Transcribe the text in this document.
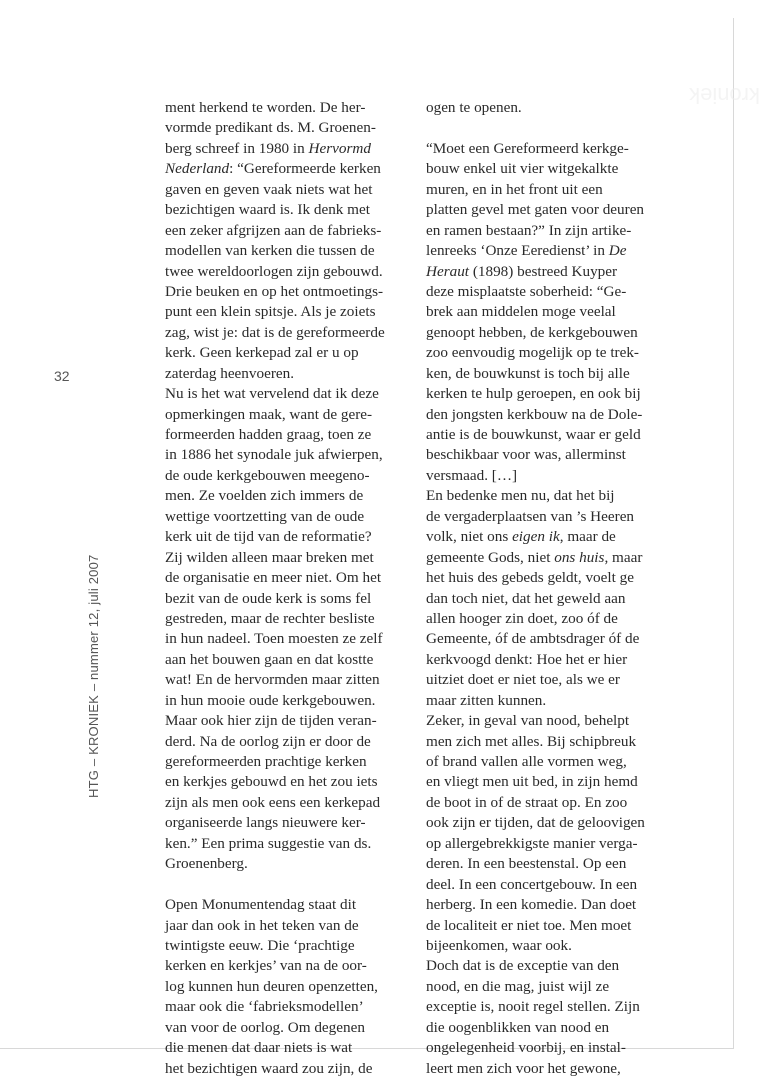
kroniek
32
HTG – KRONIEK – nummer 12, juli 2007
ment herkend te worden. De her-
vormde predikant ds. M. Groenen-
berg schreef in 1980 in Hervormd
Nederland: “Gereformeerde kerken
gaven en geven vaak niets wat het
bezichtigen waard is. Ik denk met
een zeker afgrijzen aan de fabrieks-
modellen van kerken die tussen de
twee wereldoorlogen zijn gebouwd.
Drie beuken en op het ontmoetings-
punt een klein spitsje. Als je zoiets
zag, wist je: dat is de gereformeerde
kerk. Geen kerkepad zal er u op
zaterdag heenvoeren.
Nu is het wat vervelend dat ik deze
opmerkingen maak, want de gere-
formeerden hadden graag, toen ze
in 1886 het synodale juk afwierpen,
de oude kerkgebouwen meegeno-
men. Ze voelden zich immers de
wettige voortzetting van de oude
kerk uit de tijd van de reformatie?
Zij wilden alleen maar breken met
de organisatie en meer niet. Om het
bezit van de oude kerk is soms fel
gestreden, maar de rechter besliste
in hun nadeel. Toen moesten ze zelf
aan het bouwen gaan en dat kostte
wat! En de hervormden maar zitten
in hun mooie oude kerkgebouwen.
Maar ook hier zijn de tijden veran-
derd. Na de oorlog zijn er door de
gereformeerden prachtige kerken
en kerkjes gebouwd en het zou iets
zijn als men ook eens een kerkepad
organiseerde langs nieuwere ker-
ken.” Een prima suggestie van ds.
Groenenberg.
Open Monumentendag staat dit
jaar dan ook in het teken van de
twintigste eeuw. Die ‘prachtige
kerken en kerkjes’ van na de oor-
log kunnen hun deuren openzetten,
maar ook die ‘fabrieksmodellen’
van voor de oorlog. Om degenen
die menen dat daar niets is wat
het bezichtigen waard zou zijn, de
ogen te openen.
“Moet een Gereformeerd kerkge-
bouw enkel uit vier witgekalkte
muren, en in het front uit een
platten gevel met gaten voor deuren
en ramen bestaan?” In zijn artike-
lenreeks ‘Onze Eeredienst’ in De
Heraut (1898) bestreed Kuyper
deze misplaatste soberheid: “Ge-
brek aan middelen moge veelal
genoopt hebben, de kerkgebouwen
zoo eenvoudig mogelijk op te trek-
ken, de bouwkunst is toch bij alle
kerken te hulp geroepen, en ook bij
den jongsten kerkbouw na de Dole-
antie is de bouwkunst, waar er geld
beschikbaar voor was, allerminst
versmaad. […]
En bedenke men nu, dat het bij
de vergaderplaatsen van ’s Heeren
volk, niet ons eigen ik, maar de
gemeente Gods, niet ons huis, maar
het huis des gebeds geldt, voelt ge
dan toch niet, dat het geweld aan
allen hooger zin doet, zoo óf de
Gemeente, óf de ambtsdrager óf de
kerkvoogd denkt: Hoe het er hier
uitziet doet er niet toe, als we er
maar zitten kunnen.
Zeker, in geval van nood, behelpt
men zich met alles. Bij schipbreuk
of brand vallen alle vormen weg,
en vliegt men uit bed, in zijn hemd
de boot in of de straat op. En zoo
ook zijn er tijden, dat de geloovigen
op allergebrekkigste manier verga-
deren. In een beestenstal. Op een
deel. In een concertgebouw. In een
herberg. In een komedie. Dan doet
de localiteit er niet toe. Men moet
bijeenkomen, waar ook.
Doch dat is de exceptie van den
nood, en die mag, juist wijl ze
exceptie is, nooit regel stellen. Zijn
die oogenblikken van nood en
ongelegenheid voorbij, en instal-
leert men zich voor het gewone,
